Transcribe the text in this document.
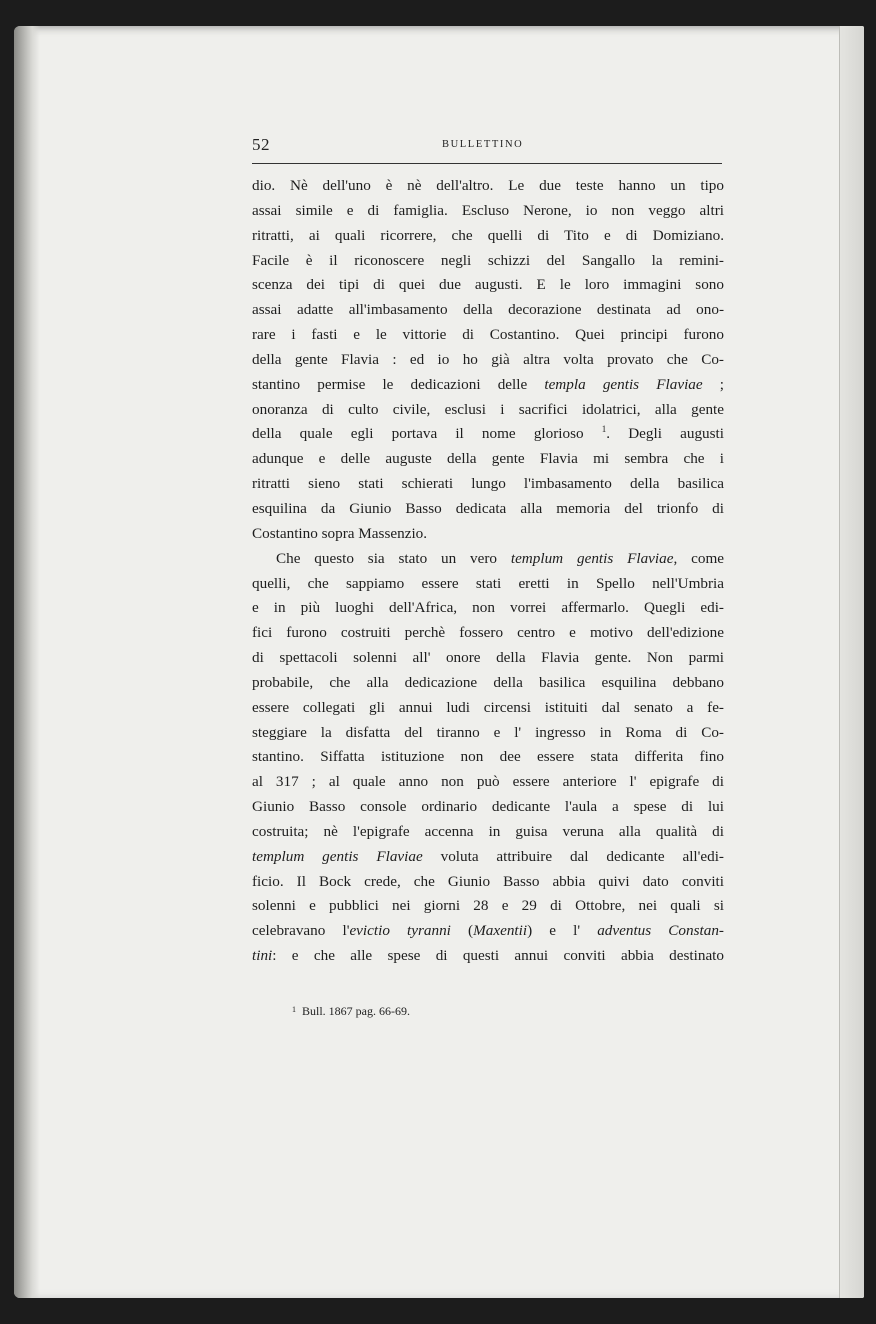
52	BULLETTINO
dio. Nè dell'uno è nè dell'altro. Le due teste hanno un tipo
assai simile e di famiglia. Escluso Nerone, io non veggo altri
ritratti, ai quali ricorrere, che quelli di Tito e di Domiziano.
Facile è il riconoscere negli schizzi del Sangallo la remini-
scenza dei tipi di quei due augusti. E le loro immagini sono
assai adatte all'imbasamento della decorazione destinata ad ono-
rare i fasti e le vittorie di Costantino. Quei principi furono
della gente Flavia : ed io ho già altra volta provato che Co-
stantino permise le dedicazioni delle templa gentis Flaviae ;
onoranza di culto civile, esclusi i sacrifici idolatrici, alla gente
della quale egli portava il nome glorioso $^1$. Degli augusti
adunque e delle auguste della gente Flavia mi sembra che i
ritratti sieno stati schierati lungo l'imbasamento della basilica
esquilina da Giunio Basso dedicata alla memoria del trionfo di
Costantino sopra Massenzio.
Che questo sia stato un vero templum gentis Flaviae, come
quelli, che sappiamo essere stati eretti in Spello nell'Umbria
e in più luoghi dell'Africa, non vorrei affermarlo. Quegli edi-
fici furono costruiti perchè fossero centro e motivo dell'edizione
di spettacoli solenni all' onore della Flavia gente. Non parmi
probabile, che alla dedicazione della basilica esquilina debbano
essere collegati gli annui ludi circensi istituiti dal senato a fe-
steggiare la disfatta del tiranno e l' ingresso in Roma di Co-
stantino. Siffatta istituzione non dee essere stata differita fino
al 317 ; al quale anno non può essere anteriore l' epigrafe di
Giunio Basso console ordinario dedicante l'aula a spese di lui
costruita; nè l'epigrafe accenna in guisa veruna alla qualità di
templum gentis Flaviae voluta attribuire dal dedicante all'edi-
ficio. Il Bock crede, che Giunio Basso abbia quivi dato conviti
solenni e pubblici nei giorni 28 e 29 di Ottobre, nei quali si
celebravano l'evictio tyranni (Maxentii) e l' adventus Constan-
tini: e che alle spese di questi annui conviti abbia destinato
$^1$ Bull. 1867 pag. 66-69.
